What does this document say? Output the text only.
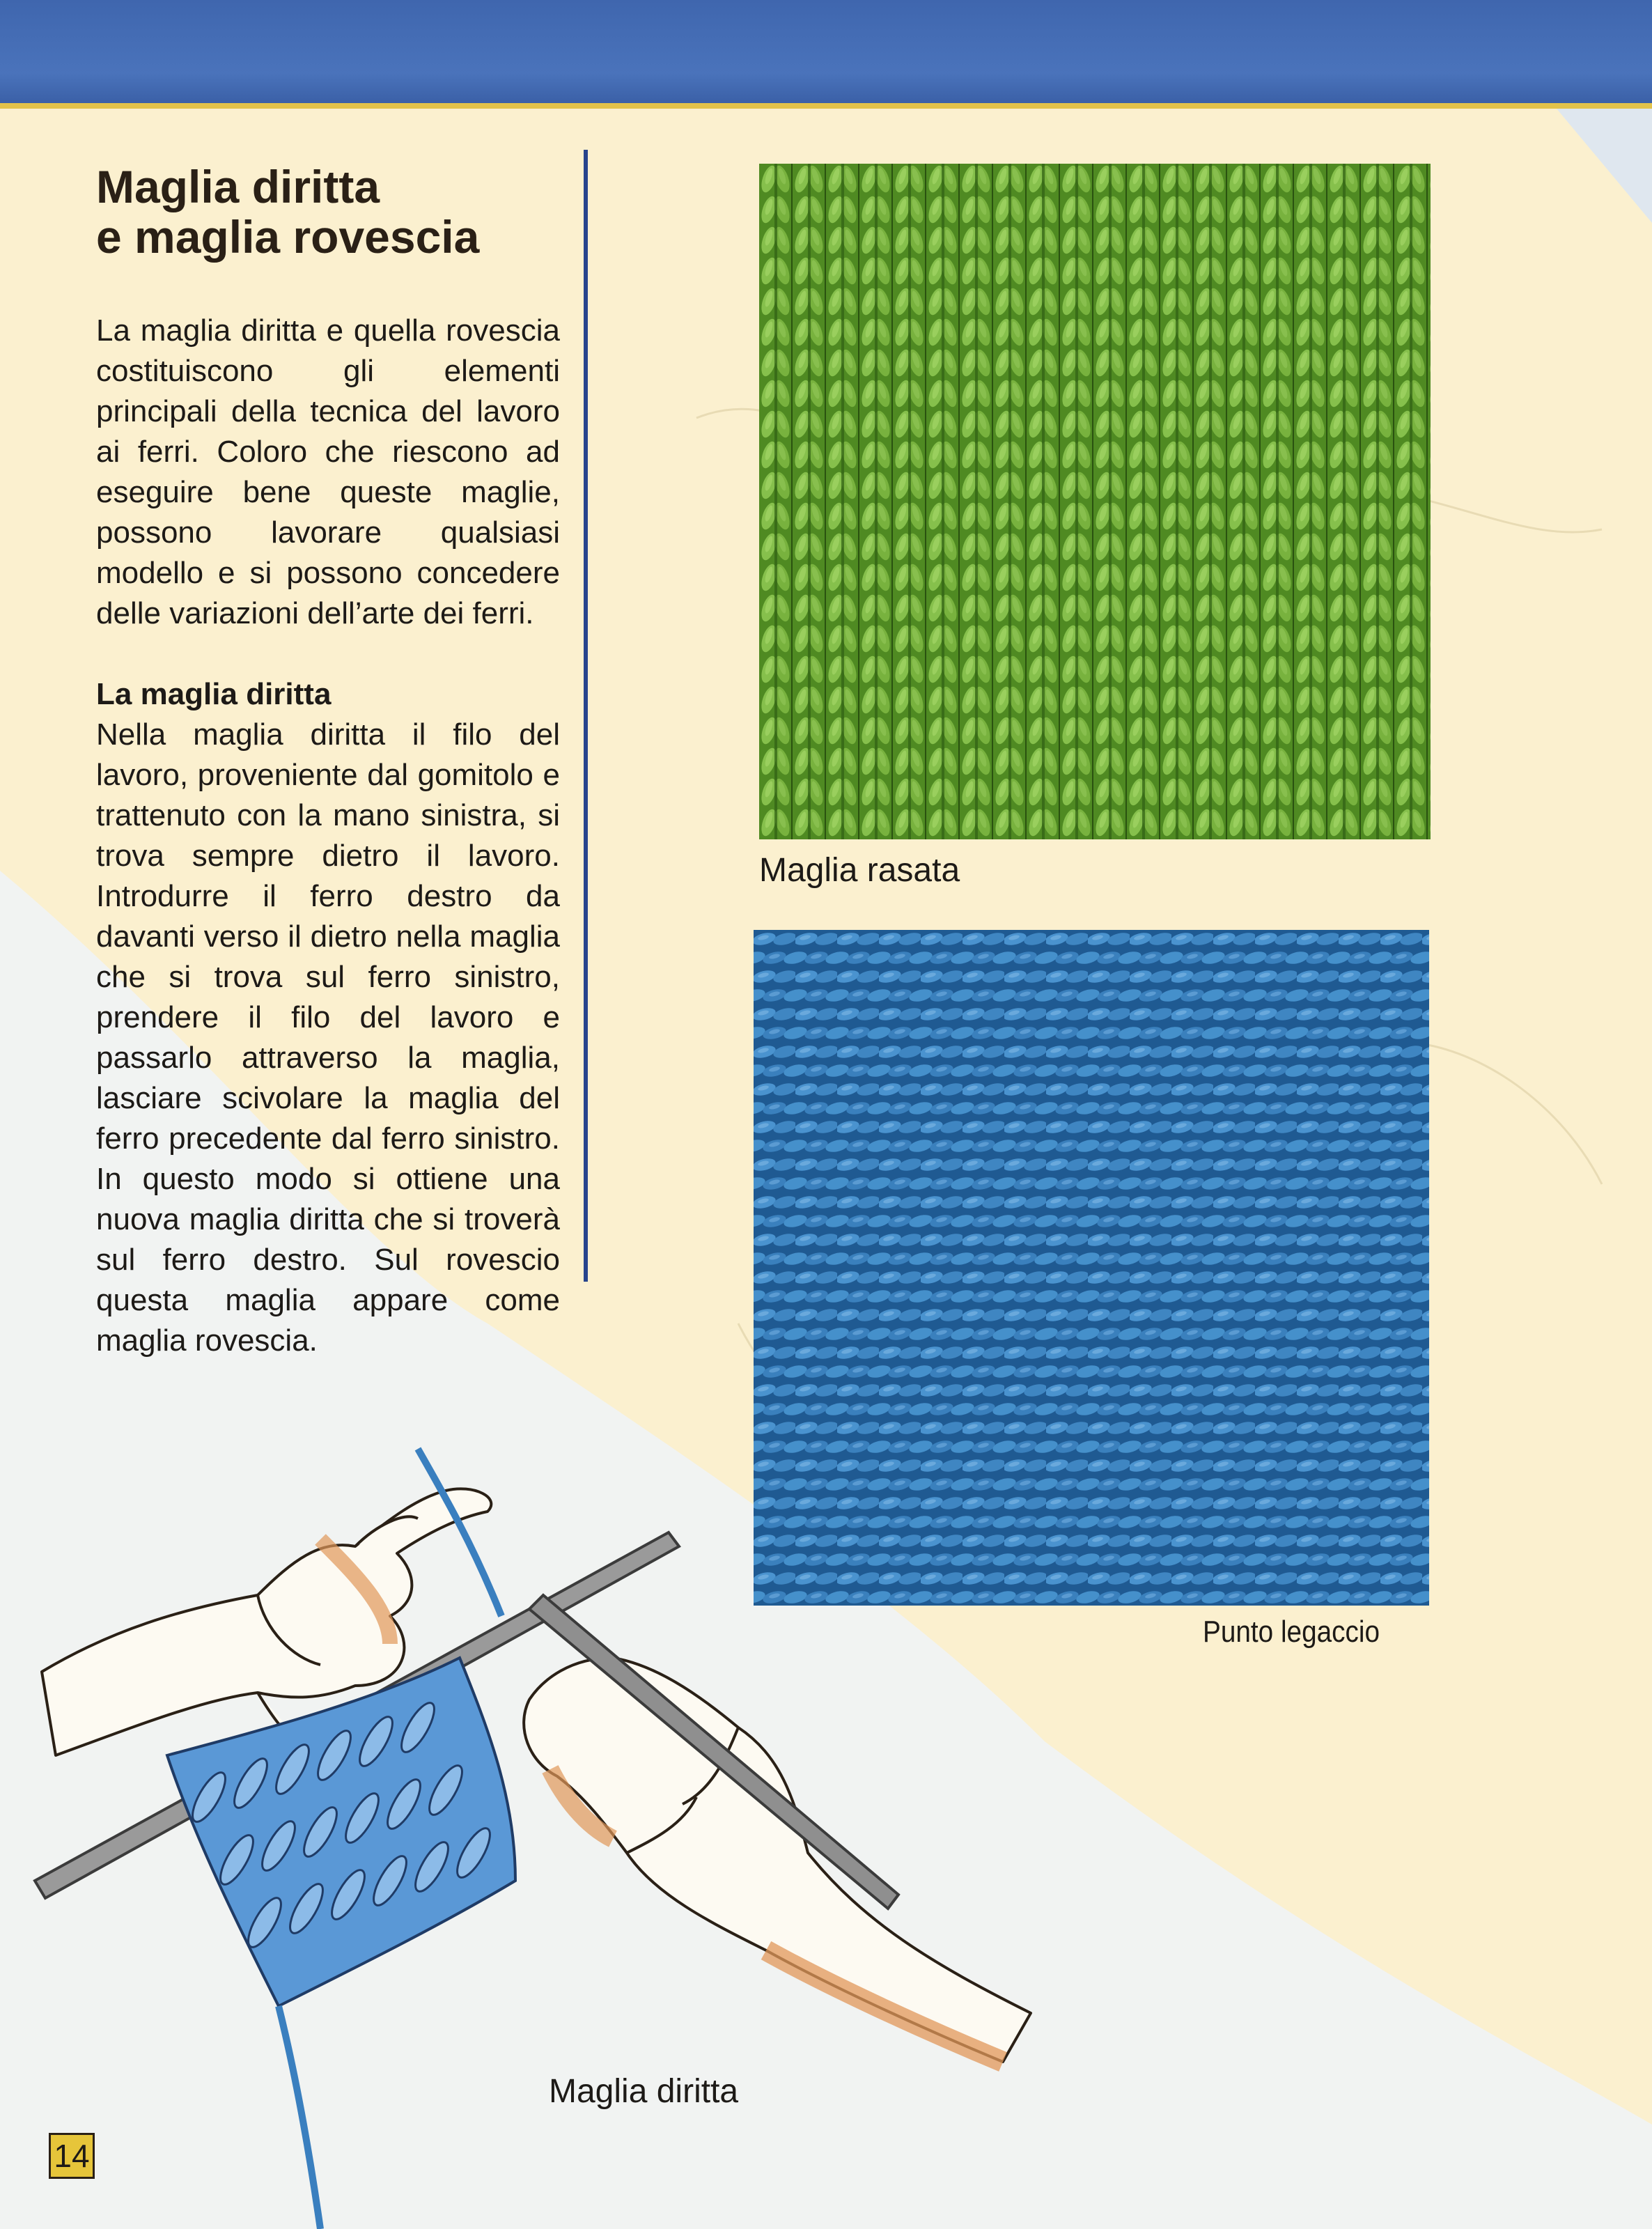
Maglia diritta
e maglia rovescia

La maglia diritta e quella rovescia costituiscono gli elementi principali della tecnica del lavoro ai ferri. Coloro che riescono ad eseguire bene queste maglie, possono lavorare qualsiasi modello e si possono concedere delle variazioni dell’arte dei ferri.

La maglia diritta

Nella maglia diritta il filo del lavoro, proveniente dal gomitolo e trattenuto con la mano sinistra, si trova sempre dietro il lavoro. Introdurre il ferro destro da davanti verso il dietro nella maglia che si trova sul ferro sinistro, prendere il filo del lavoro e passarlo attraverso la maglia, lasciare scivolare la maglia del ferro precedente dal ferro sinistro. In questo modo si ottiene una nuova maglia diritta che si troverà sul ferro destro. Sul rovescio questa maglia appare come maglia rovescia.

Maglia rasata
Punto legaccio
Maglia diritta
14
